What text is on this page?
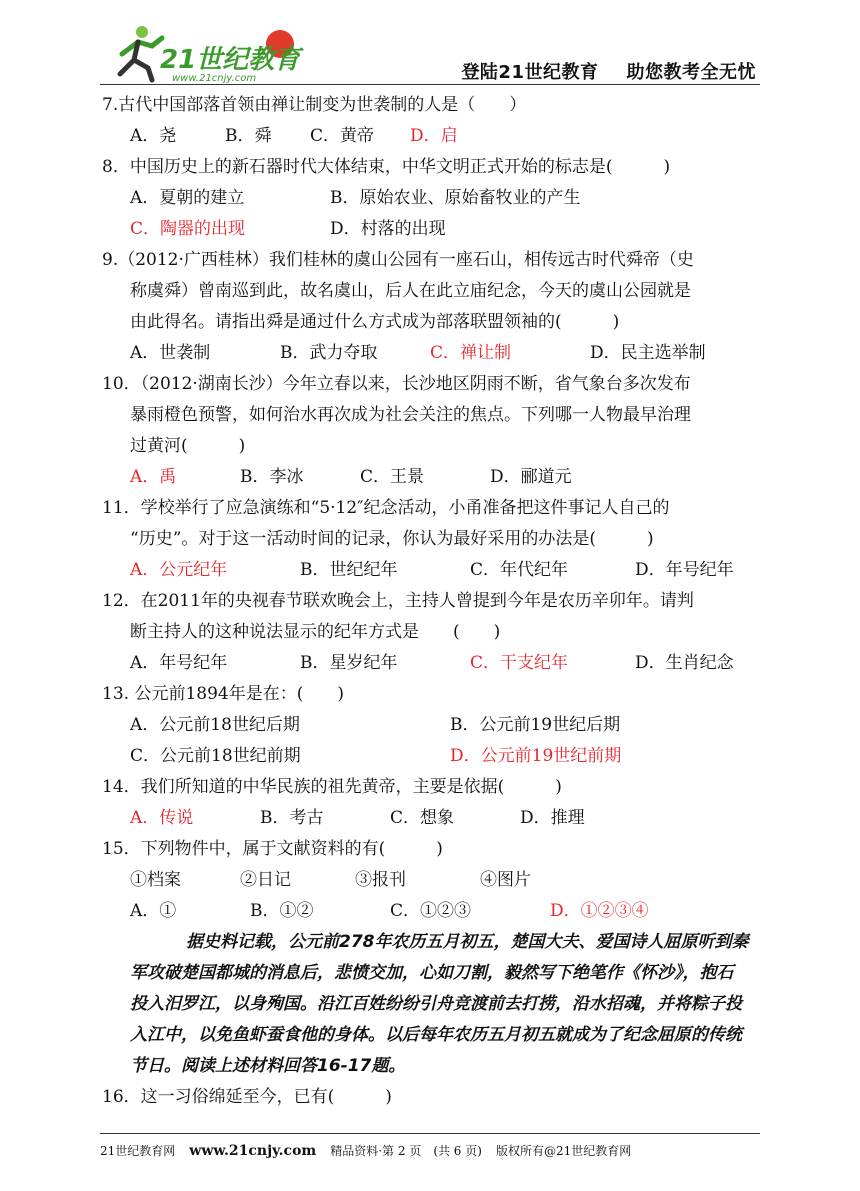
21世纪教育
www.21cnjy.com	登陆21世纪教育 助您教考全无忧
7.古代中国部落首领由禅让制变为世袭制的人是（　　）
A．尧	B．舜 C．黄帝 D．启
8．中国历史上的新石器时代大体结束，中华文明正式开始的标志是(　　　)
A．夏朝的建立	B．原始农业、原始畜牧业的产生
C．陶器的出现	D．村落的出现
9.（2012·广西桂林）我们桂林的虞山公园有一座石山，相传远古时代舜帝（史
称虞舜）曾南巡到此，故名虞山，后人在此立庙纪念，今天的虞山公园就是
由此得名。请指出舜是通过什么方式成为部落联盟领袖的(　　　)
A．世袭制	B．武力夺取	C．禅让制	D．民主选举制
10．（2012·湖南长沙）今年立春以来，长沙地区阴雨不断，省气象台多次发布
暴雨橙色预警，如何治水再次成为社会关注的焦点。下列哪一人物最早治理
过黄河(　　　)
A．禹	B．李冰	C．王景	D．郦道元
11．学校举行了应急演练和“5·12″纪念活动，小甬准备把这件事记人自己的
“历史”。对于这一活动时间的记录，你认为最好采用的办法是(　　　)
A．公元纪年	B．世纪纪年	C．年代纪年	D．年号纪年
12．在2011年的央视春节联欢晚会上，主持人曾提到今年是农历辛卯年。请判
断主持人的这种说法显示的纪年方式是　　(　　)
A．年号纪年	B．星岁纪年	C．干支纪年	D．生肖纪念
13. 公元前1894年是在：(　　)
A．公元前18世纪后期	B．公元前19世纪后期
C．公元前18世纪前期	D．公元前19世纪前期
14．我们所知道的中华民族的祖先黄帝，主要是依据(　　　)
A．传说	B．考古	C．想象	D．推理
15．下列物件中，属于文献资料的有(　　　)
①档案	②日记	③报刊	④图片
A．①	B．①②	C．①②③	D．①②③④

据史料记载，公元前278年农历五月初五，楚国大夫、爱国诗人屈原听到秦军攻破楚国都城的消息后，悲愤交加，心如刀割，毅然写下绝笔作《怀沙》，抱石投入汨罗江，以身殉国。沿江百姓纷纷引舟竞渡前去打捞，沿水招魂，并将粽子投入江中，以免鱼虾蚕食他的身体。以后每年农历五月初五就成为了纪念屈原的传统节日。阅读上述材料回答16-17题。

16．这一习俗绵延至今，已有(　　　)
21世纪教育网 www.21cnjy.com 精品资料·第 2 页　(共 6 页) 版权所有@21世纪教育网
